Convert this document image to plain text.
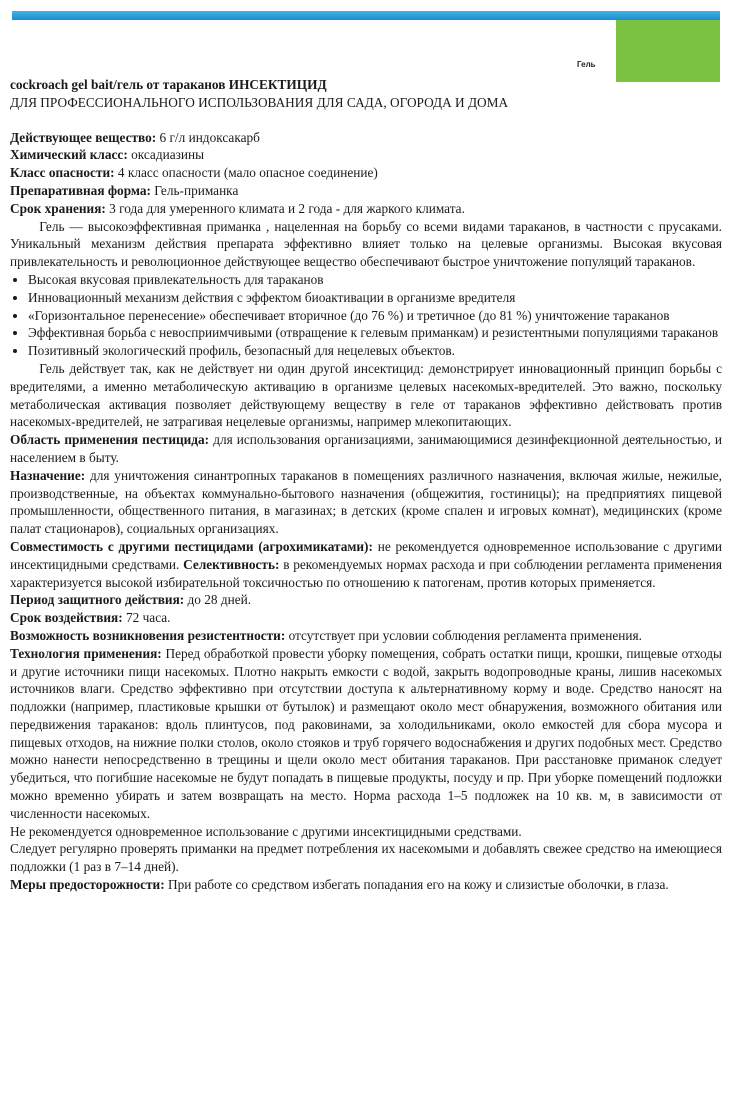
Гель
cockroach gel bait/гель от тараканов ИНСЕКТИЦИД
ДЛЯ ПРОФЕССИОНАЛЬНОГО ИСПОЛЬЗОВАНИЯ ДЛЯ САДА, ОГОРОДА И ДОМА

Действующее вещество: 6 г/л индоксакарб

Химический класс: оксадиазины

Класс опасности: 4 класс опасности (мало опасное соединение)

Препаративная форма: Гель-приманка

Срок хранения: 3 года для умеренного климата и 2 года - для жаркого климата.

Гель — высокоэффективная приманка , нацеленная на борьбу со всеми видами тараканов, в частности с прусаками. Уникальный механизм действия препарата эффективно влияет только на целевые организмы. Высокая вкусовая привлекательность и революционное действующее вещество обеспечивают быстрое уничтожение популяций тараканов.

• Высокая вкусовая привлекательность для тараканов
• Инновационный механизм действия с эффектом биоактивации в организме вредителя
• «Горизонтальное перенесение» обеспечивает вторичное (до 76 %) и третичное (до 81 %) уничтожение тараканов
• Эффективная борьба с невосприимчивыми (отвращение к гелевым приманкам) и резистентными популяциями тараканов
• Позитивный экологический профиль, безопасный для нецелевых объектов.

Гель действует так, как не действует ни один другой инсектицид: демонстрирует инновационный принцип борьбы с вредителями, а именно метаболическую активацию в организме целевых насекомых-вредителей. Это важно, поскольку метаболическая активация позволяет действующему веществу в геле от тараканов эффективно действовать против насекомых-вредителей, не затрагивая нецелевые организмы, например млекопитающих.

Область применения пестицида: для использования организациями, занимающимися дезинфекционной деятельностью, и населением в быту.

Назначение: для уничтожения синантропных тараканов в помещениях различного назначения, включая жилые, нежилые, производственные, на объектах коммунально-бытового назначения (общежития, гостиницы); на предприятиях пищевой промышленности, общественного питания, в магазинах; в детских (кроме спален и игровых комнат), медицинских (кроме палат стационаров), социальных организациях.

Совместимость с другими пестицидами (агрохимикатами): не рекомендуется одновременное использование с другими инсектицидными средствами. Селективность: в рекомендуемых нормах расхода и при соблюдении регламента применения характеризуется высокой избирательной токсичностью по отношению к патогенам, против которых применяется.

Период защитного действия: до 28 дней.

Срок воздействия: 72 часа.

Возможность возникновения резистентности: отсутствует при условии соблюдения регламента применения.

Технология применения: Перед обработкой провести уборку помещения, собрать остатки пищи, крошки, пищевые отходы и другие источники пищи насекомых. Плотно накрыть емкости с водой, закрыть водопроводные краны, лишив насекомых источников влаги. Средство эффективно при отсутствии доступа к альтернативному корму и воде. Средство наносят на подложки (например, пластиковые крышки от бутылок) и размещают около мест обнаружения, возможного обитания или передвижения тараканов: вдоль плинтусов, под раковинами, за холодильниками, около емкостей для сбора мусора и пищевых отходов, на нижние полки столов, около стояков и труб горячего водоснабжения и других подобных мест. Средство можно нанести непосредственно в трещины и щели около мест обитания тараканов. При расстановке приманок следует убедиться, что погибшие насекомые не будут попадать в пищевые продукты, посуду и пр. При уборке помещений подложки можно временно убирать и затем возвращать на место. Норма расхода 1–5 подложек на 10 кв. м, в зависимости от численности насекомых.

Не рекомендуется одновременное использование с другими инсектицидными средствами.

Следует регулярно проверять приманки на предмет потребления их насекомыми и добавлять свежее средство на имеющиеся подложки (1 раз в 7–14 дней).

Меры предосторожности: При работе со средством избегать попадания его на кожу и слизистые оболочки, в глаза.
